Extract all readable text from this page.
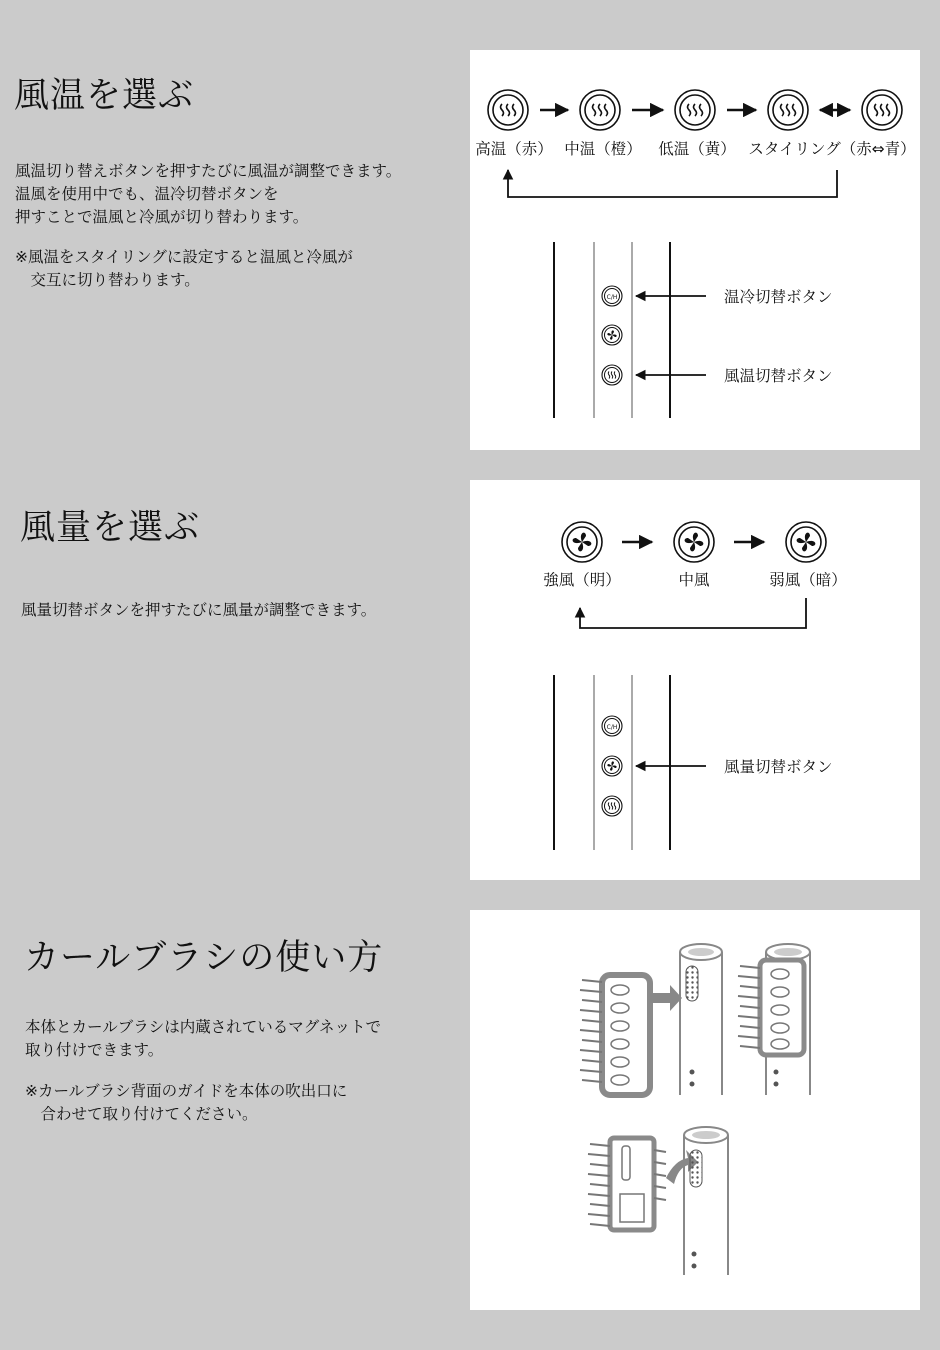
風温を選ぶ
風温切り替えボタンを押すたびに風温が調整できます。
温風を使用中でも、温冷切替ボタンを
押すことで温風と冷風が切り替わります。
※風温をスタイリングに設定すると温風と冷風が
　交互に切り替わります。
高温（赤） 中温（橙） 低温（黄） スタイリング（赤⇔青）
C/H	温冷切替ボタン
風温切替ボタン
風量を選ぶ
風量切替ボタンを押すたびに風量が調整できます。
強風（明）	中風	弱風（暗）
C/H
風量切替ボタン
カールブラシの使い方
本体とカールブラシは内蔵されているマグネットで
取り付けできます。
※カールブラシ背面のガイドを本体の吹出口に
　合わせて取り付けてください。
